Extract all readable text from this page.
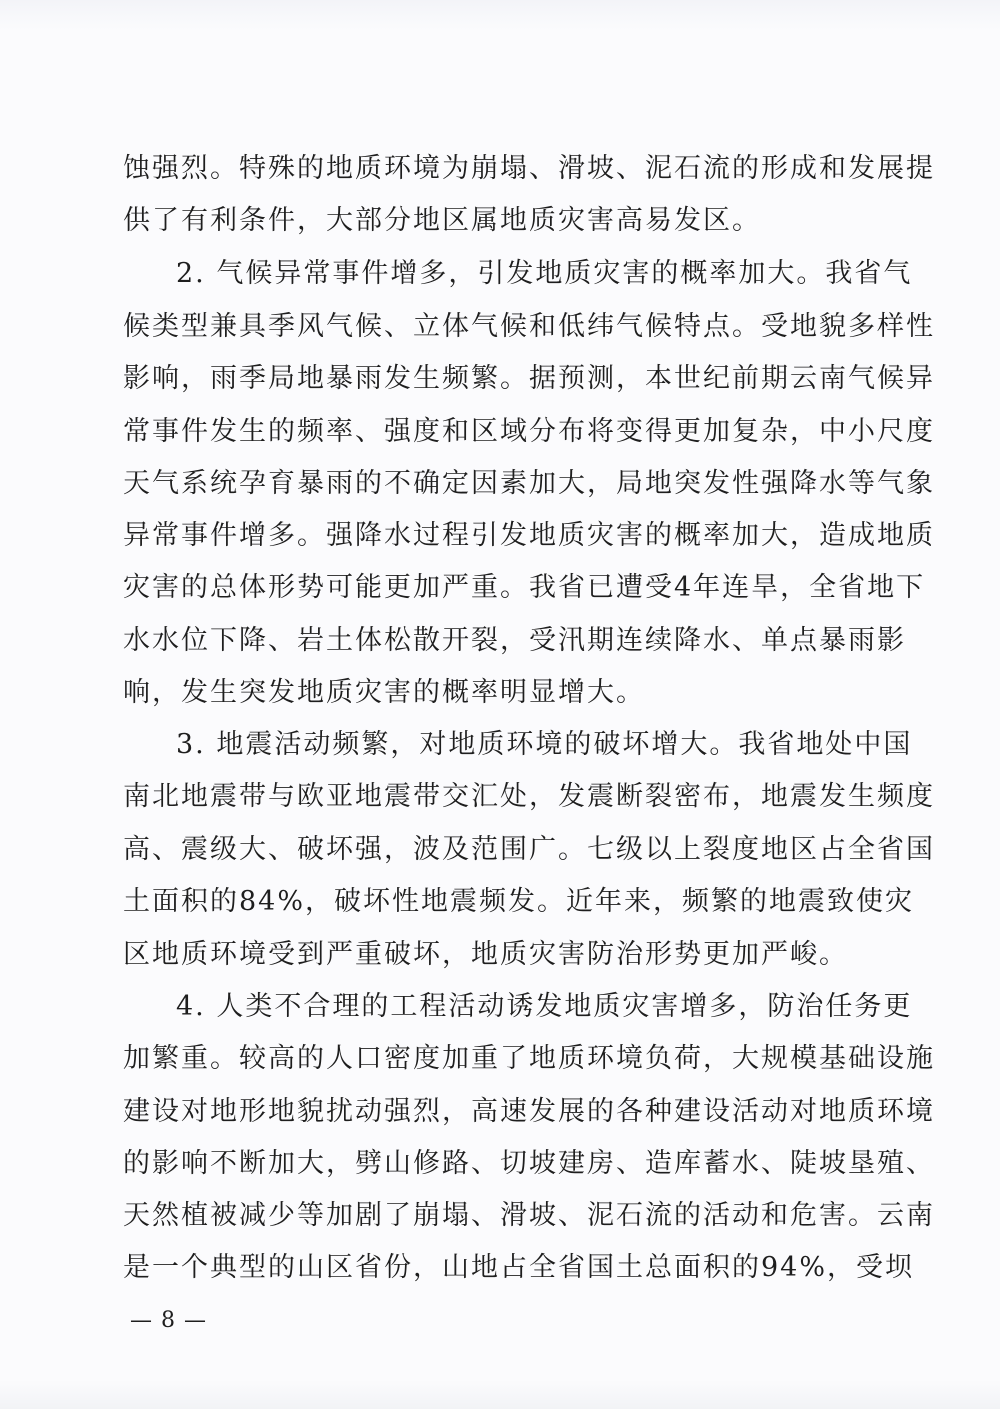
蚀强烈。特殊的地质环境为崩塌、滑坡、泥石流的形成和发展提
供了有利条件，大部分地区属地质灾害高易发区。
2. 气候异常事件增多，引发地质灾害的概率加大。我省气
候类型兼具季风气候、立体气候和低纬气候特点。受地貌多样性
影响，雨季局地暴雨发生频繁。据预测，本世纪前期云南气候异
常事件发生的频率、强度和区域分布将变得更加复杂，中小尺度
天气系统孕育暴雨的不确定因素加大，局地突发性强降水等气象
异常事件增多。强降水过程引发地质灾害的概率加大，造成地质
灾害的总体形势可能更加严重。我省已遭受4年连旱，全省地下
水水位下降、岩土体松散开裂，受汛期连续降水、单点暴雨影
响，发生突发地质灾害的概率明显增大。
3. 地震活动频繁，对地质环境的破坏增大。我省地处中国
南北地震带与欧亚地震带交汇处，发震断裂密布，地震发生频度
高、震级大、破坏强，波及范围广。七级以上裂度地区占全省国
土面积的84%，破坏性地震频发。近年来，频繁的地震致使灾
区地质环境受到严重破坏，地质灾害防治形势更加严峻。
4. 人类不合理的工程活动诱发地质灾害增多，防治任务更
加繁重。较高的人口密度加重了地质环境负荷，大规模基础设施
建设对地形地貌扰动强烈，高速发展的各种建设活动对地质环境
的影响不断加大，劈山修路、切坡建房、造库蓄水、陡坡垦殖、
天然植被减少等加剧了崩塌、滑坡、泥石流的活动和危害。云南
是一个典型的山区省份，山地占全省国土总面积的94%，受坝
— 8 —
